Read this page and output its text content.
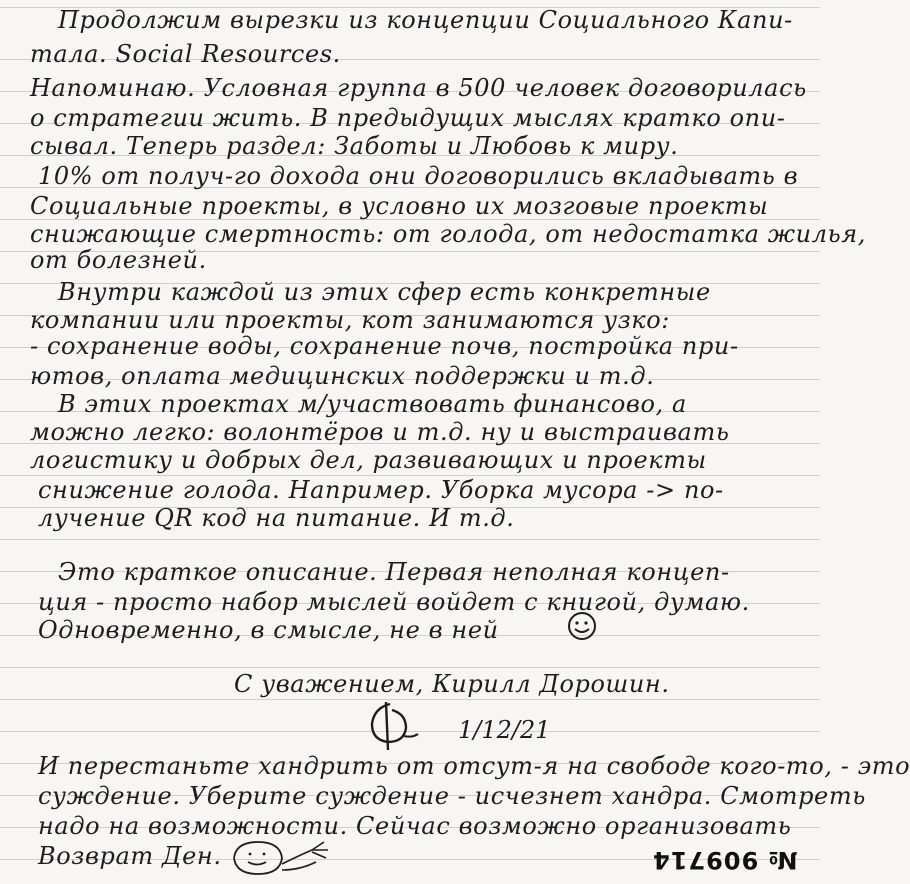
Продолжим вырезки из концепции Социального Капи-
тала. Social Resources.
Напоминаю. Условная группа в 500 человек договорилась
о стратегии жить. В предыдущих мыслях кратко опи-
сывал. Теперь раздел: Заботы и Любовь к миру.
10% от получ-го дохода они договорились вкладывать в
Социальные проекты, в условно их мозговые проекты
снижающие смертность: от голода, от недостатка жилья,
от болезней.
Внутри каждой из этих сфер есть конкретные
компании или проекты, кот занимаются узко:
- сохранение воды, сохранение почв, постройка при-
ютов, оплата медицинских поддержки и т.д.
В этих проектах м/участвовать финансово, а
можно легко: волонтёров и т.д. ну и выстраивать
логистику и добрых дел, развивающих и проекты
снижение голода. Например. Уборка мусора -> по-
лучение QR код на питание. И т.д.
Это краткое описание. Первая неполная концеп-
ция - просто набор мыслей войдет с книгой, думаю.
Одновременно, в смысле, не в ней
С уважением, Кирилл Дорошин.
1/12/21
И перестаньте хандрить от отсут-я на свободе кого-то, - это
суждение. Уберите суждение - исчезнет хандра. Смотреть
надо на возможности. Сейчас возможно организовать
Возврат Ден.	№ 909714
